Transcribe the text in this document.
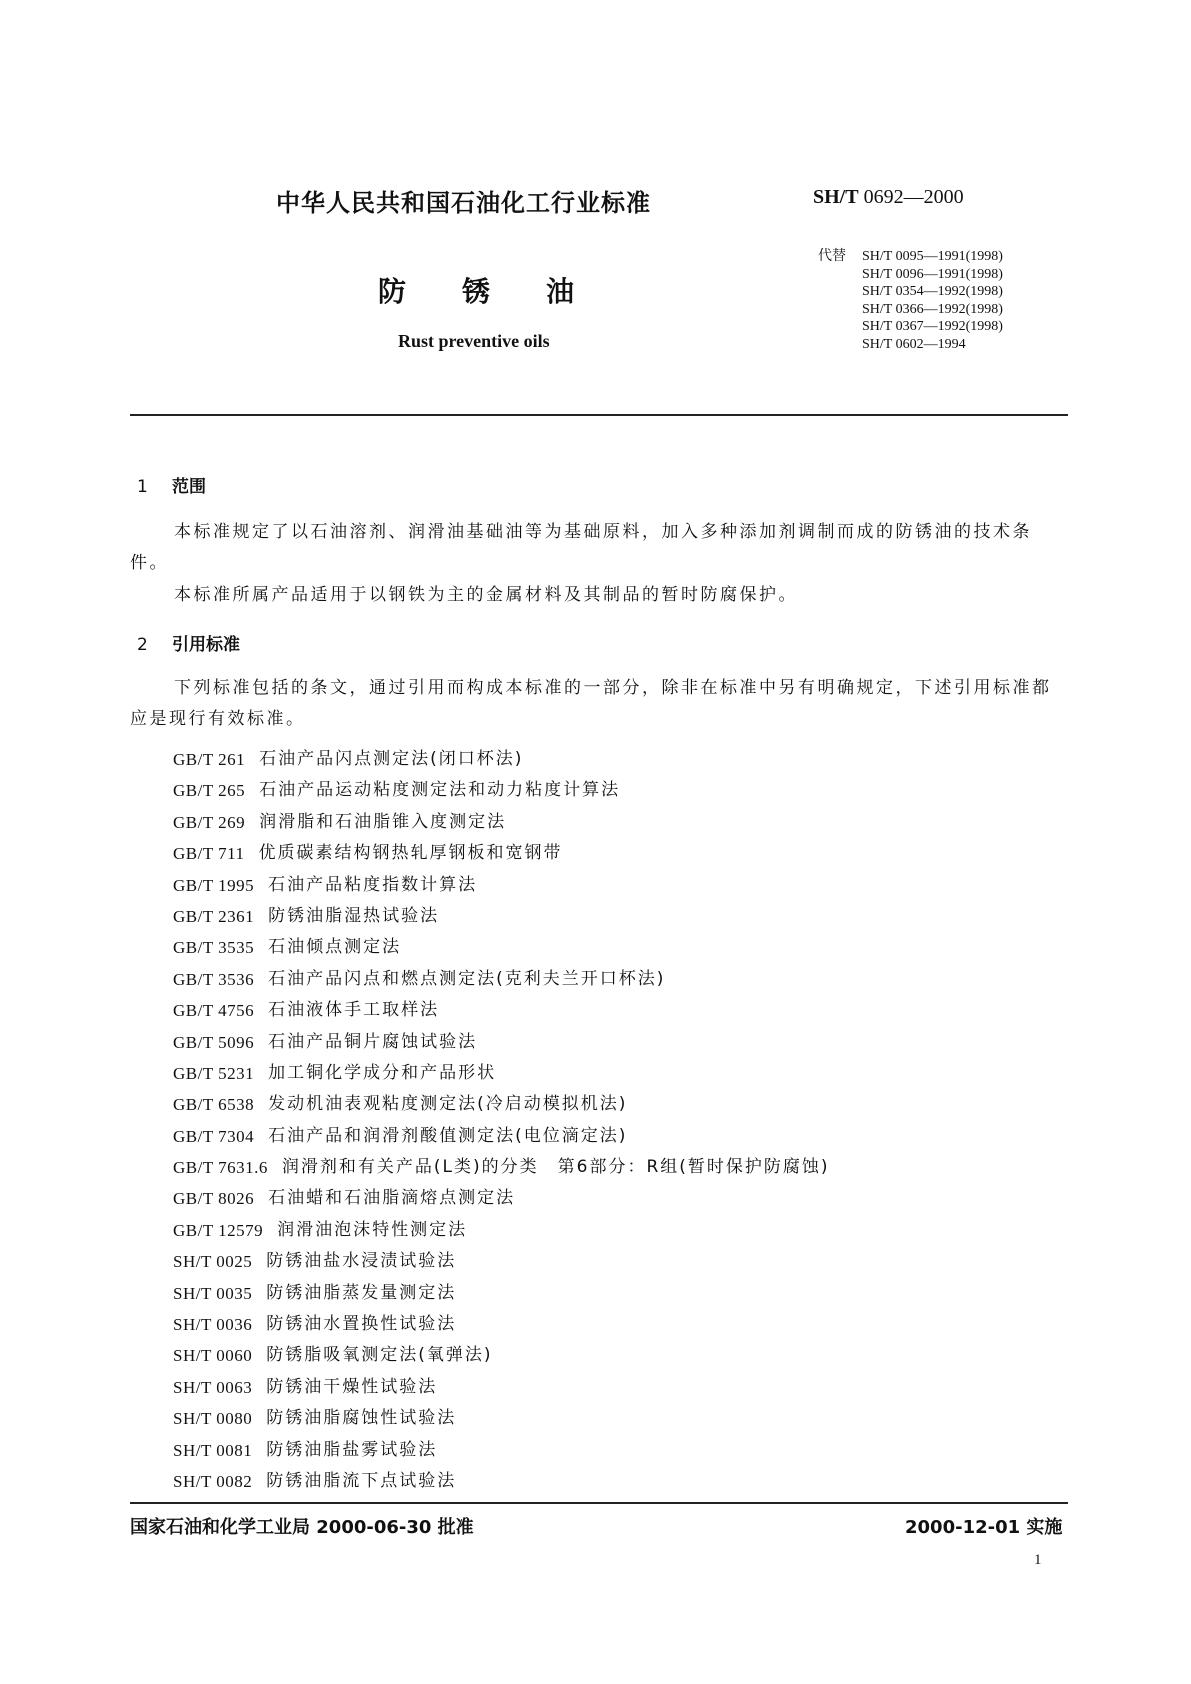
中华人民共和国石油化工行业标准	SH/T 0692—2000
代替	SH/T 0095—1991(1998)
SH/T 0096—1991(1998)
SH/T 0354—1992(1998)
SH/T 0366—1992(1998)
SH/T 0367—1992(1998)
SH/T 0602—1994
防锈油
Rust preventive oils
1 范围
本标准规定了以石油溶剂、润滑油基础油等为基础原料，加入多种添加剂调制而成的防锈油的技术条件。
本标准所属产品适用于以钢铁为主的金属材料及其制品的暂时防腐保护。
2 引用标准
下列标准包括的条文，通过引用而构成本标准的一部分，除非在标准中另有明确规定，下述引用标准都应是现行有效标准。
GB/T 261 石油产品闪点测定法(闭口杯法)
GB/T 265 石油产品运动粘度测定法和动力粘度计算法
GB/T 269 润滑脂和石油脂锥入度测定法
GB/T 711 优质碳素结构钢热轧厚钢板和宽钢带
GB/T 1995 石油产品粘度指数计算法
GB/T 2361 防锈油脂湿热试验法
GB/T 3535 石油倾点测定法
GB/T 3536 石油产品闪点和燃点测定法(克利夫兰开口杯法)
GB/T 4756 石油液体手工取样法
GB/T 5096 石油产品铜片腐蚀试验法
GB/T 5231 加工铜化学成分和产品形状
GB/T 6538 发动机油表观粘度测定法(冷启动模拟机法)
GB/T 7304 石油产品和润滑剂酸值测定法(电位滴定法)
GB/T 7631.6 润滑剂和有关产品(L类)的分类　第6部分：R组(暂时保护防腐蚀)
GB/T 8026 石油蜡和石油脂滴熔点测定法
GB/T 12579 润滑油泡沫特性测定法
SH/T 0025 防锈油盐水浸渍试验法
SH/T 0035 防锈油脂蒸发量测定法
SH/T 0036 防锈油水置换性试验法
SH/T 0060 防锈脂吸氧测定法(氧弹法)
SH/T 0063 防锈油干燥性试验法
SH/T 0080 防锈油脂腐蚀性试验法
SH/T 0081 防锈油脂盐雾试验法
SH/T 0082 防锈油脂流下点试验法
国家石油和化学工业局 2000-06-30 批准	2000-12-01 实施
1
